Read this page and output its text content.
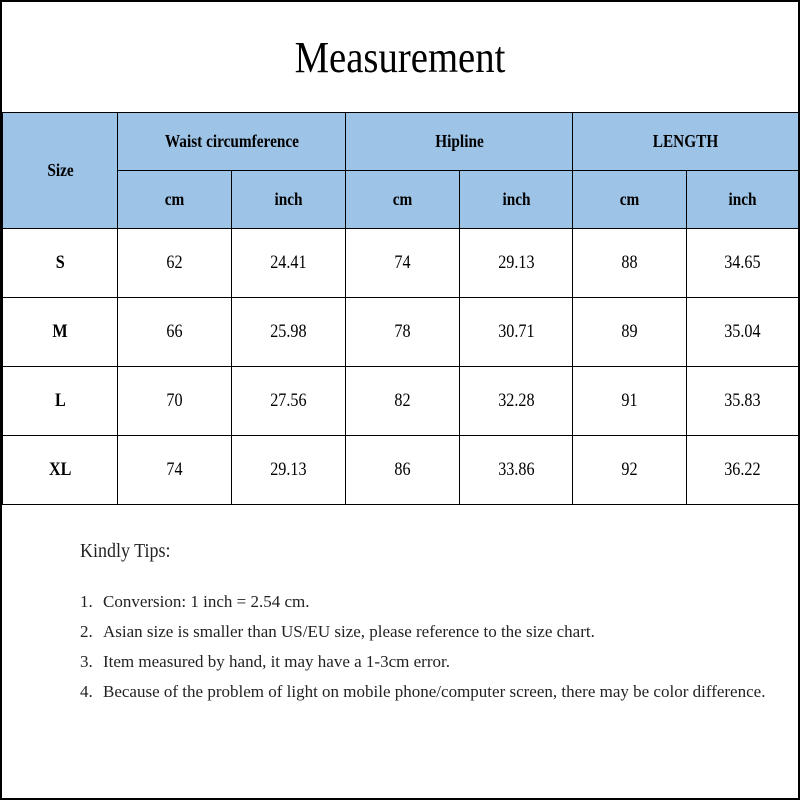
Measurement
Size	Waist circumference		Hipline		LENGTH	
	cm	inch	cm	inch	cm	inch
S	62	24.41	74	29.13	88	34.65
M	66	25.98	78	30.71	89	35.04
L	70	27.56	82	32.28	91	35.83
XL	74	29.13	86	33.86	92	36.22
Kindly Tips:
1. Conversion: 1 inch = 2.54 cm.
2. Asian size is smaller than US/EU size, please reference to the size chart.
3. Item measured by hand, it may have a 1-3cm error.
4. Because of the problem of light on mobile phone/computer screen, there may be color difference.
